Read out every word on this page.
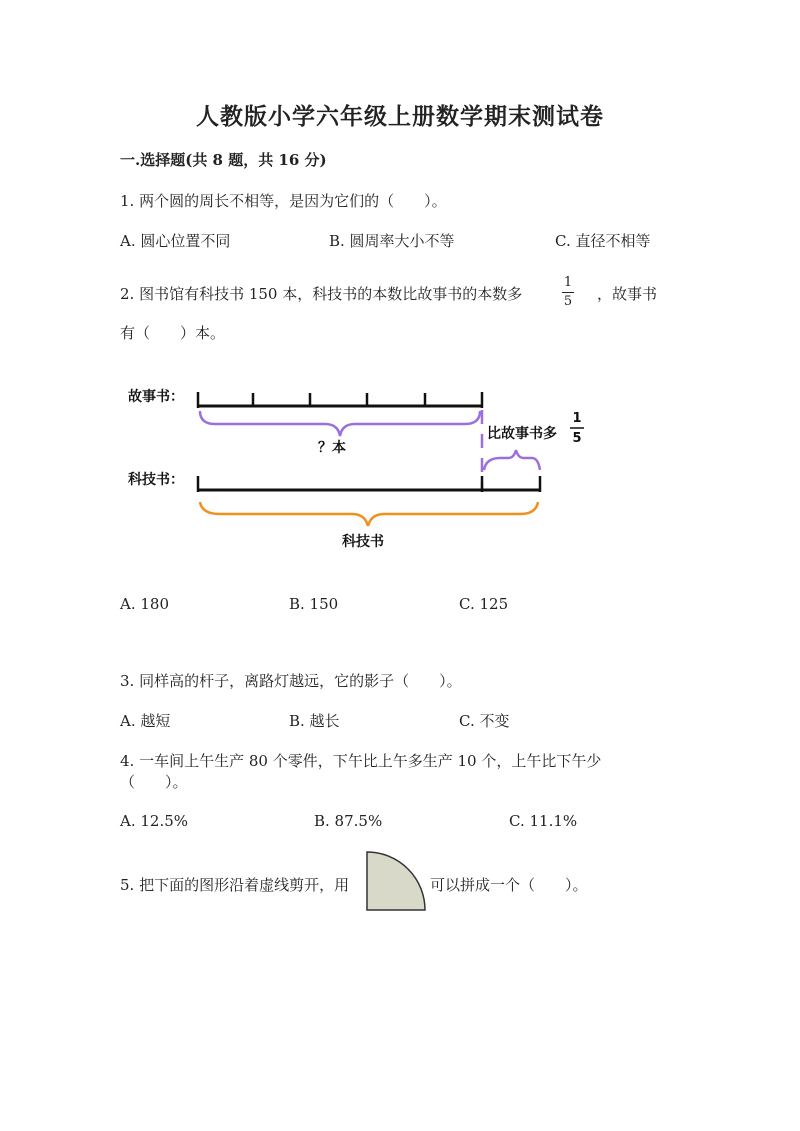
人教版小学六年级上册数学期末测试卷
一.选择题(共 8 题，共 16 分)
1. 两个圆的周长不相等，是因为它们的（　　）。
A. 圆心位置不同	B. 圆周率大小不等	C. 直径不相等
2. 图书馆有科技书 150 本，科技书的本数比故事书的本数多
1
5 ，故事书
有（　　）本。
故事书：
科技书：
？本
比故事书多
1
5
科技书
A. 180	B. 150	C. 125
3. 同样高的杆子，离路灯越远，它的影子（　　）。
A. 越短	B. 越长	C. 不变
4. 一车间上午生产 80 个零件，下午比上午多生产 10 个，上午比下午少
（　　）。
A. 12.5%	B. 87.5%	C. 11.1%
5. 把下面的图形沿着虚线剪开，用	可以拼成一个（　　）。
